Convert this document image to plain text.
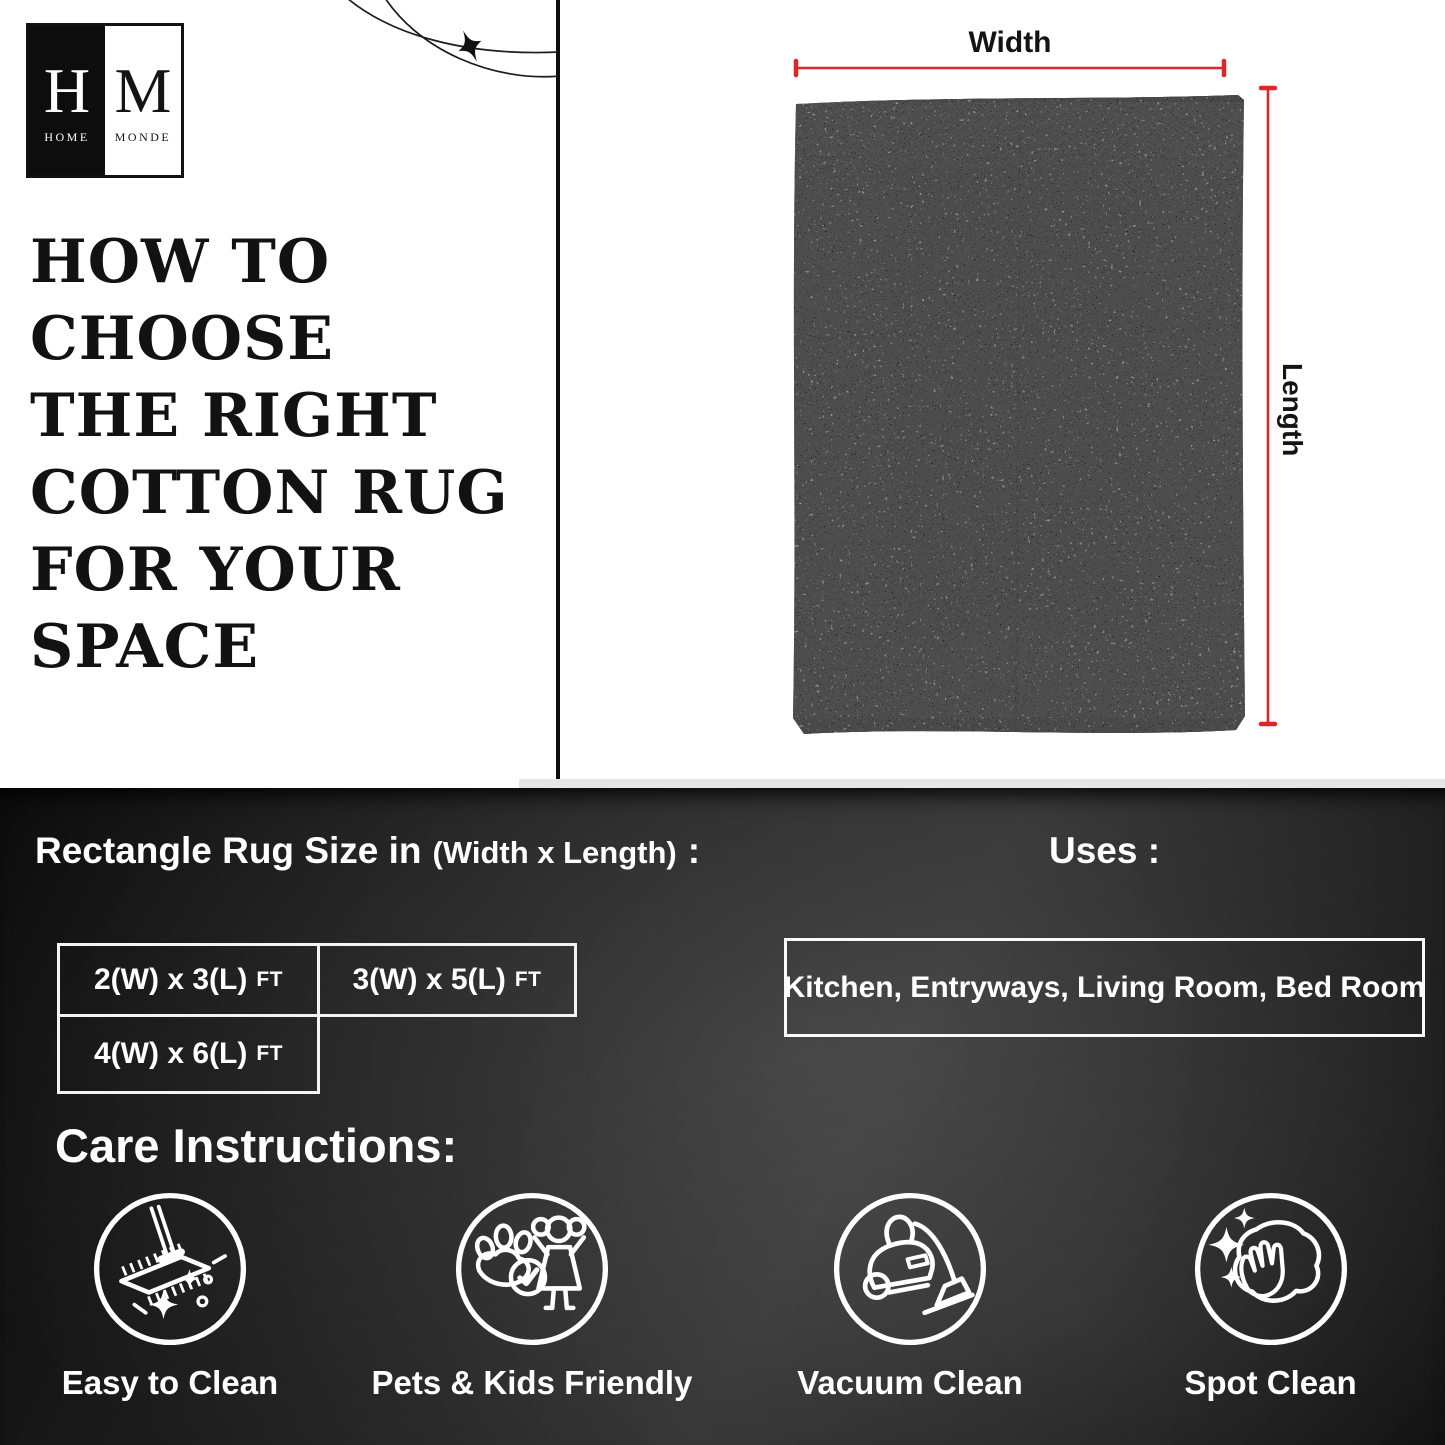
H
HOME
M
MONDE
HOW TO
CHOOSE
THE RIGHT
COTTON RUG
FOR YOUR
SPACE
Width
Length
Rectangle Rug Size in (Width x Length) :	Uses :
2(W) x 3(L) FT 3(W) x 5(L) FT
4(W) x 6(L) FT
Kitchen, Entryways, Living Room, Bed Room
Care Instructions:
Easy to Clean	Pets & Kids Friendly	Vacuum Clean	Spot Clean
